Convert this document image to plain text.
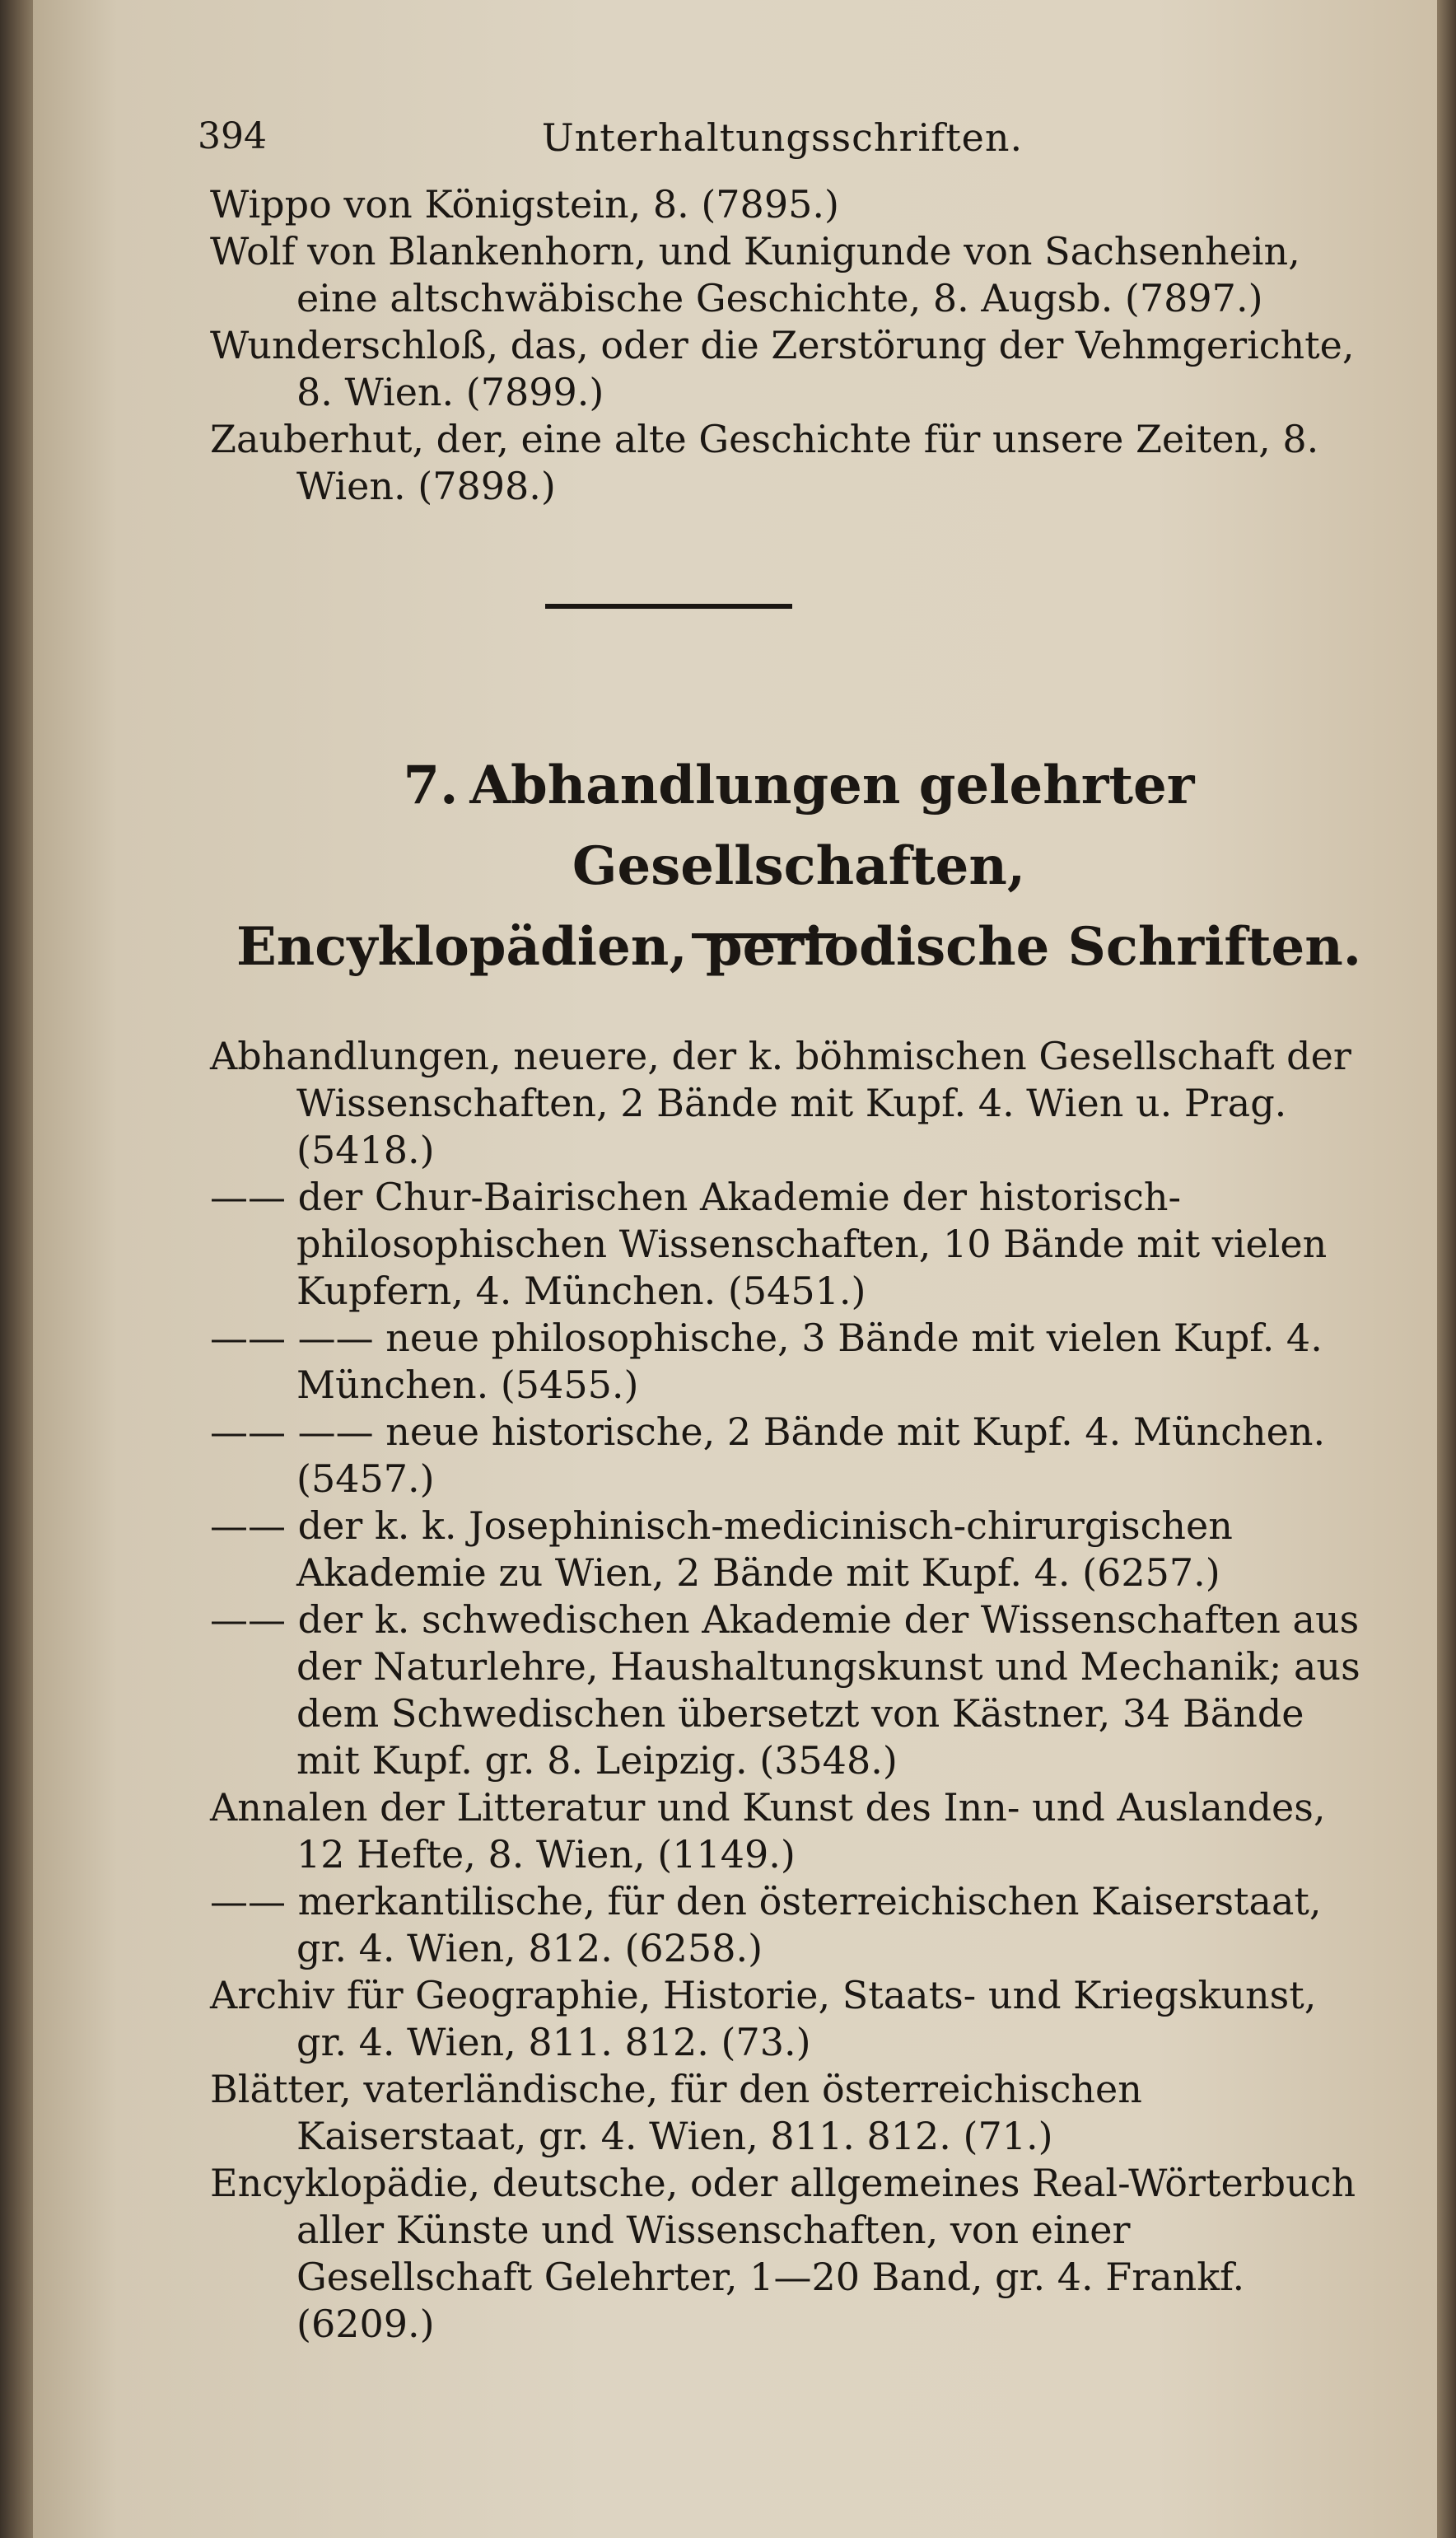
394	Unterhaltungsschriften.

Wippo von Königstein, 8. (7895.)

Wolf von Blankenhorn, und Kunigunde von Sachsenhein, eine altschwäbische Geschichte, 8. Augsb. (7897.)

Wunderschloß, das, oder die Zerstörung der Vehmgerichte, 8. Wien. (7899.)

Zauberhut, der, eine alte Geschichte für unsere Zeiten, 8. Wien. (7898.)

7. Abhandlungen gelehrter Gesellschaften,
Encyklopädien, periodische Schriften.

Abhandlungen, neuere, der k. böhmischen Gesellschaft der Wissenschaften, 2 Bände mit Kupf. 4. Wien u. Prag. (5418.)

—— der Chur-Bairischen Akademie der historisch-philosophischen Wissenschaften, 10 Bände mit vielen Kupfern, 4. München. (5451.)

—— —— neue philosophische, 3 Bände mit vielen Kupf. 4. München. (5455.)

—— —— neue historische, 2 Bände mit Kupf. 4. München. (5457.)

—— der k. k. Josephinisch-medicinisch-chirurgischen Akademie zu Wien, 2 Bände mit Kupf. 4. (6257.)

—— der k. schwedischen Akademie der Wissenschaften aus der Naturlehre, Haushaltungskunst und Mechanik; aus dem Schwedischen übersetzt von Kästner, 34 Bände mit Kupf. gr. 8. Leipzig. (3548.)

Annalen der Litteratur und Kunst des Inn- und Auslandes, 12 Hefte, 8. Wien, (1149.)

—— merkantilische, für den österreichischen Kaiserstaat, gr. 4. Wien, 812. (6258.)

Archiv für Geographie, Historie, Staats- und Kriegskunst, gr. 4. Wien, 811. 812. (73.)

Blätter, vaterländische, für den österreichischen Kaiserstaat, gr. 4. Wien, 811. 812. (71.)

Encyklopädie, deutsche, oder allgemeines Real-Wörterbuch aller Künste und Wissenschaften, von einer Gesellschaft Gelehrter, 1—20 Band, gr. 4. Frankf. (6209.)
